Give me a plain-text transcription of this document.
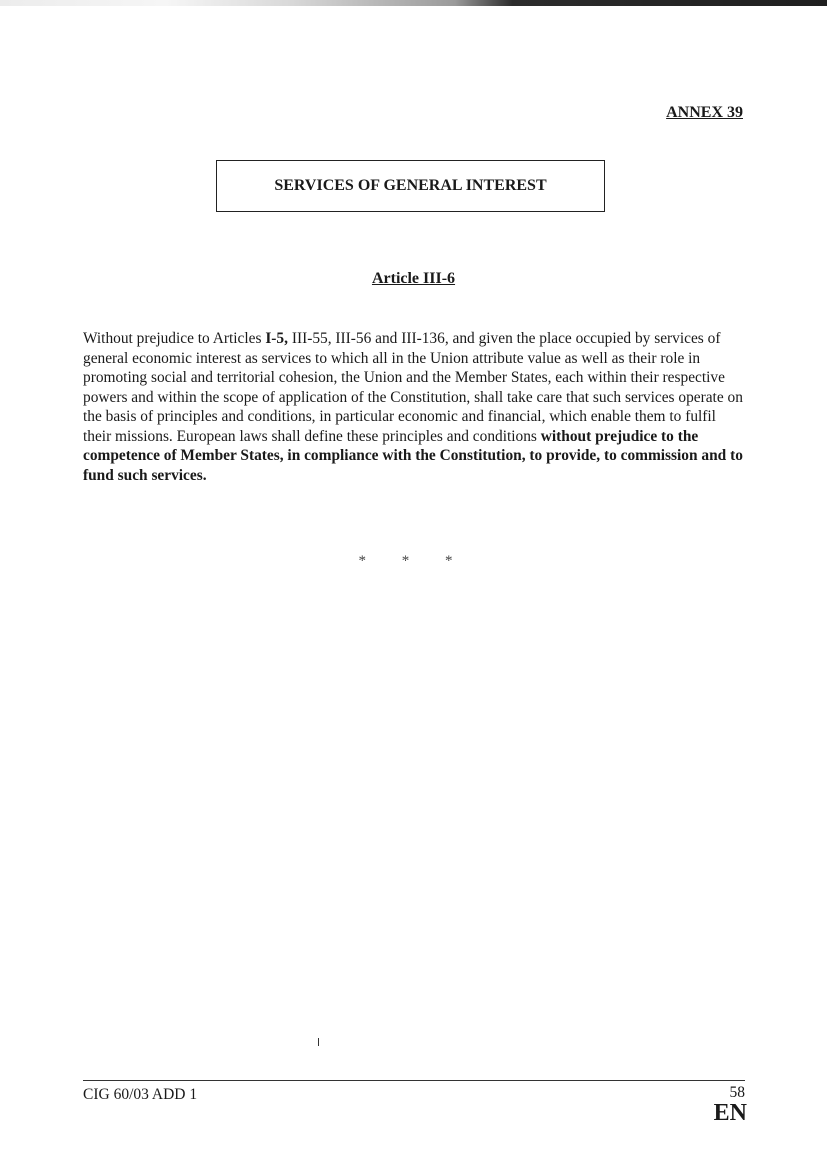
ANNEX 39
SERVICES OF GENERAL INTEREST
Article III-6
Without prejudice to Articles I-5, III-55, III-56 and III-136, and given the place occupied by services of general economic interest as services to which all in the Union attribute value as well as their role in promoting social and territorial cohesion, the Union and the Member States, each within their respective powers and within the scope of application of the Constitution, shall take care that such services operate on the basis of principles and conditions, in particular economic and financial, which enable them to fulfil their missions. European laws shall define these principles and conditions without prejudice to the competence of Member States, in compliance with the Constitution, to provide, to commission and to fund such services.
* * *
CIG 60/03 ADD 1	58
EN
